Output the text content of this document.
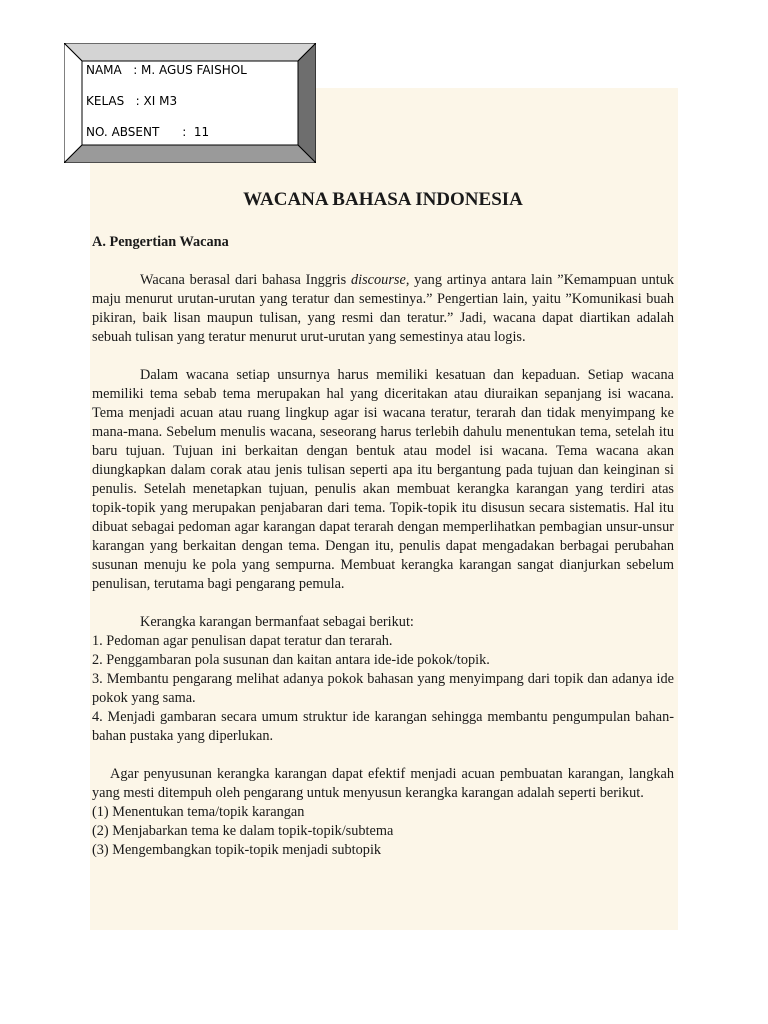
NAMA   : M. AGUS FAISHOL
KELAS   : XI M3
NO. ABSENT      :  11
WACANA BAHASA INDONESIA
A. Pengertian Wacana

Wacana berasal dari bahasa Inggris discourse, yang artinya antara lain ”Kemampuan untuk maju menurut urutan-urutan yang teratur dan semestinya.” Pengertian lain, yaitu ”Komunikasi buah pikiran, baik lisan maupun tulisan, yang resmi dan teratur.” Jadi, wacana dapat diartikan adalah sebuah tulisan yang teratur menurut urut-urutan yang semestinya atau logis.

Dalam wacana setiap unsurnya harus memiliki kesatuan dan kepaduan. Setiap wacana memiliki tema sebab tema merupakan hal yang diceritakan atau diuraikan sepanjang isi wacana. Tema menjadi acuan atau ruang lingkup agar isi wacana teratur, terarah dan tidak menyimpang ke mana-mana. Sebelum menulis wacana, seseorang harus terlebih dahulu menentukan tema, setelah itu baru tujuan. Tujuan ini berkaitan dengan bentuk atau model isi wacana. Tema wacana akan diungkapkan dalam corak atau jenis tulisan seperti apa itu bergantung pada tujuan dan keinginan si penulis. Setelah menetapkan tujuan, penulis akan membuat kerangka karangan yang terdiri atas topik-topik yang merupakan penjabaran dari tema. Topik-topik itu disusun secara sistematis. Hal itu dibuat sebagai pedoman agar karangan dapat terarah dengan memperlihatkan pembagian unsur-unsur karangan yang berkaitan dengan tema. Dengan itu, penulis dapat mengadakan berbagai perubahan susunan menuju ke pola yang sempurna. Membuat kerangka karangan sangat dianjurkan sebelum penulisan, terutama bagi pengarang pemula.

Kerangka karangan bermanfaat sebagai berikut:

1. Pedoman agar penulisan dapat teratur dan terarah.
2. Penggambaran pola susunan dan kaitan antara ide-ide pokok/topik.
3. Membantu pengarang melihat adanya pokok bahasan yang menyimpang dari topik dan adanya ide pokok yang sama.
4. Menjadi gambaran secara umum struktur ide karangan sehingga membantu pengumpulan bahan-bahan pustaka yang diperlukan.

Agar penyusunan kerangka karangan dapat efektif menjadi acuan pembuatan karangan, langkah yang mesti ditempuh oleh pengarang untuk menyusun kerangka karangan adalah seperti berikut.

(1) Menentukan tema/topik karangan
(2) Menjabarkan tema ke dalam topik-topik/subtema
(3) Mengembangkan topik-topik menjadi subtopik
